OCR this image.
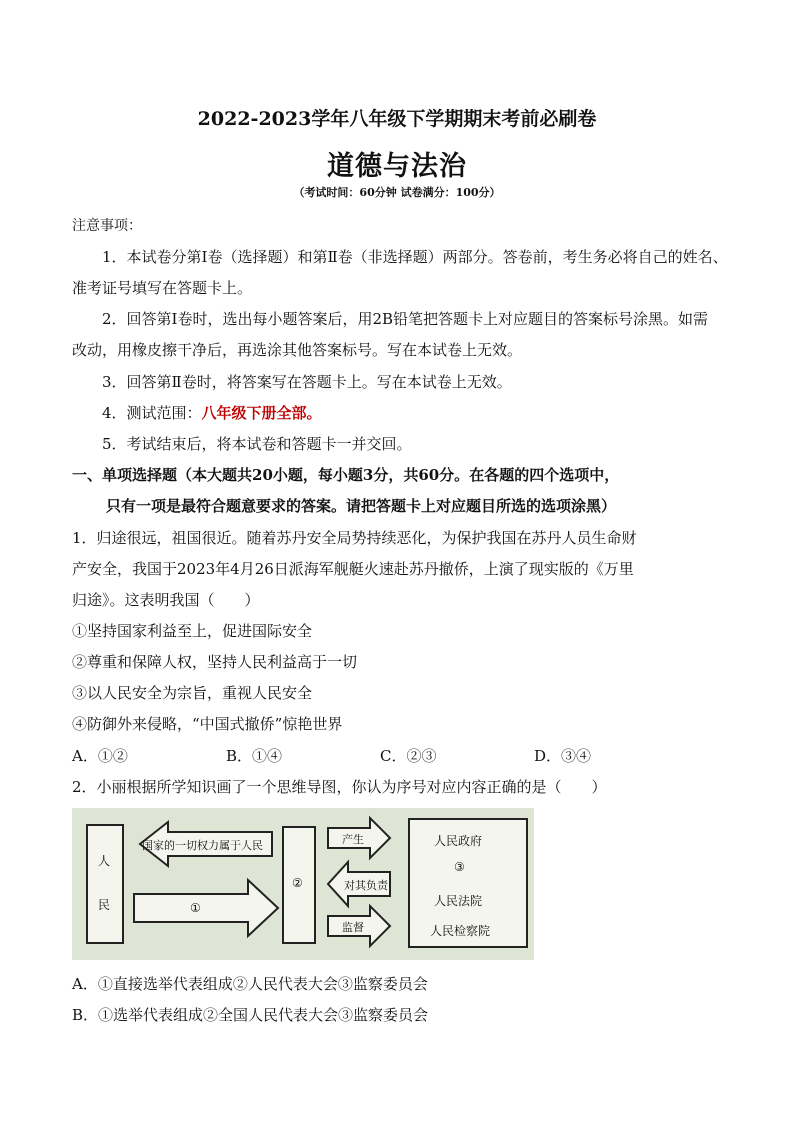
2022-2023学年八年级下学期期末考前必刷卷
道德与法治
（考试时间：60分钟 试卷满分：100分）
注意事项：
1．本试卷分第Ⅰ卷（选择题）和第Ⅱ卷（非选择题）两部分。答卷前，考生务必将自己的姓名、
准考证号填写在答题卡上。
2．回答第Ⅰ卷时，选出每小题答案后，用2B铅笔把答题卡上对应题目的答案标号涂黑。如需
改动，用橡皮擦干净后，再选涂其他答案标号。写在本试卷上无效。
3．回答第Ⅱ卷时，将答案写在答题卡上。写在本试卷上无效。
4．测试范围：八年级下册全部。
5．考试结束后，将本试卷和答题卡一并交回。
一、单项选择题（本大题共20小题，每小题3分，共60分。在各题的四个选项中，
只有一项是最符合题意要求的答案。请把答题卡上对应题目所选的选项涂黑）
1．归途很远，祖国很近。随着苏丹安全局势持续恶化，为保护我国在苏丹人员生命财
产安全，我国于2023年4月26日派海军舰艇火速赴苏丹撤侨，上演了现实版的《万里
归途》。这表明我国（　　）
①坚持国家利益至上，促进国际安全
②尊重和保障人权，坚持人民利益高于一切
③以人民安全为宗旨，重视人民安全
④防御外来侵略，“中国式撤侨”惊艳世界
A．①②	B．①④	C．②③	D．③④
2．小丽根据所学知识画了一个思维导图，你认为序号对应内容正确的是（　　）
人
民
国家的一切权力属于人民
①
②
产生
对其负责
监督
人民政府
③
人民法院
人民检察院
A．①直接选举代表组成②人民代表大会③监察委员会
B．①选举代表组成②全国人民代表大会③监察委员会
